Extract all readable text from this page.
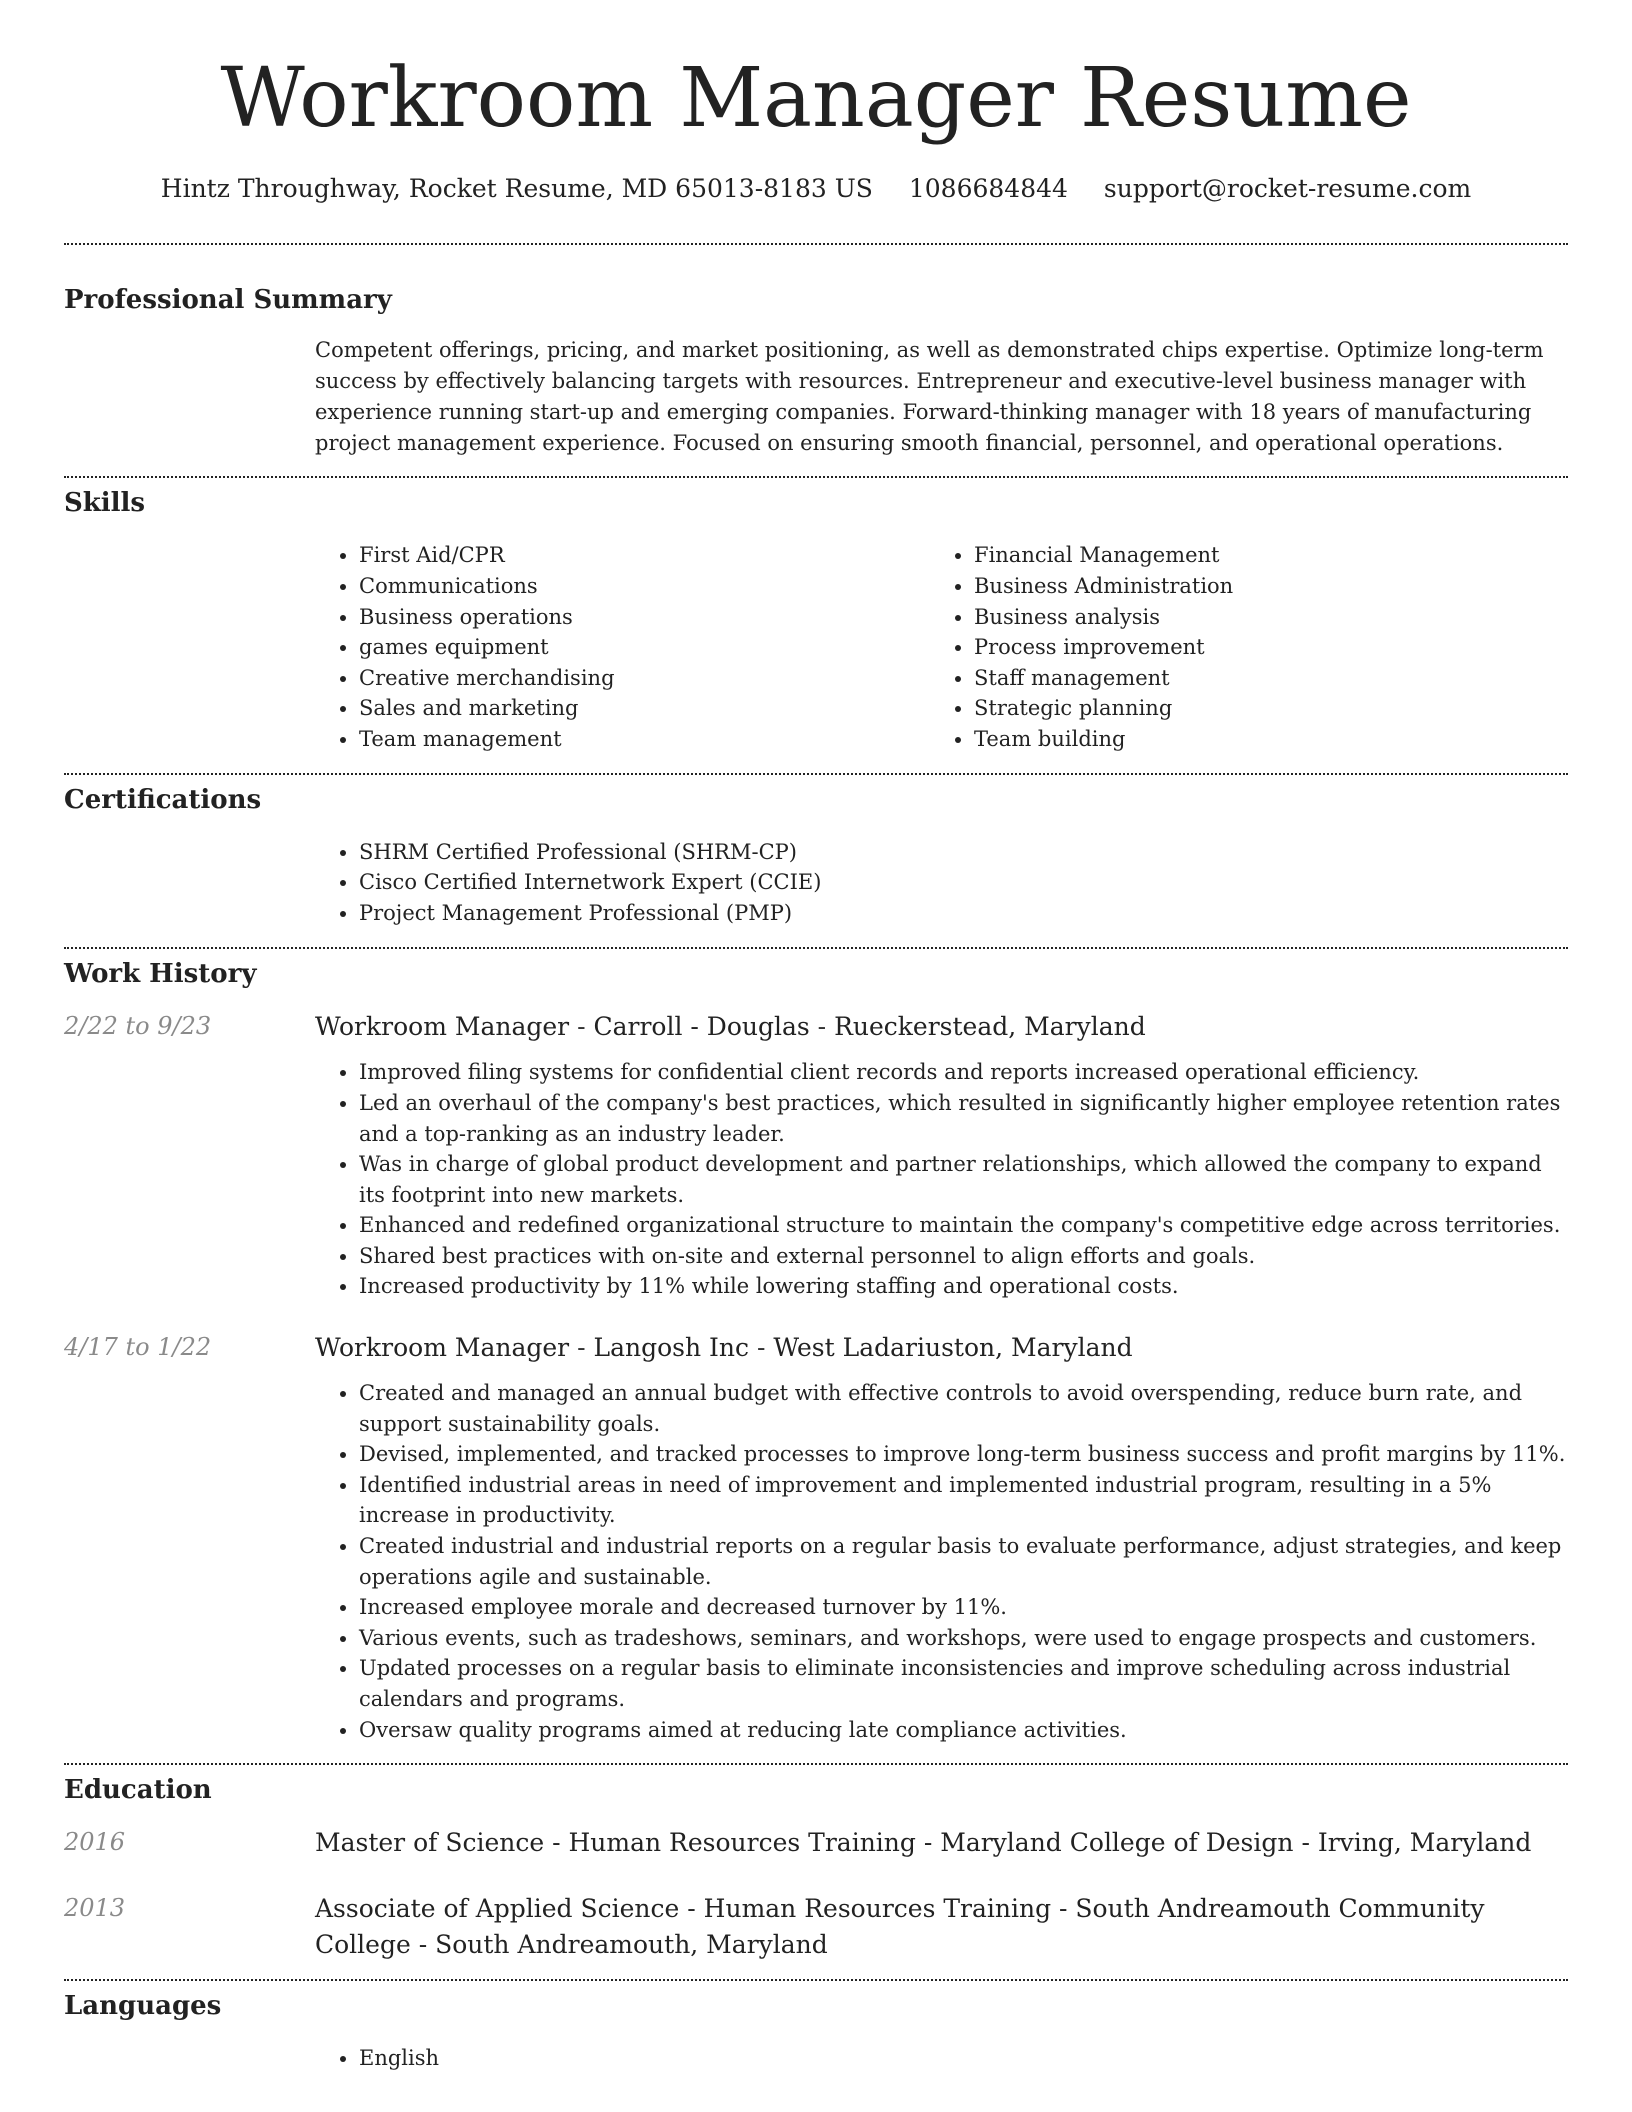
Workroom Manager Resume
Hintz Throughway, Rocket Resume, MD 65013-8183 US 1086684844 support@rocket-resume.com
Professional Summary

Competent offerings, pricing, and market positioning, as well as demonstrated chips expertise. Optimize long-term success by effectively balancing targets with resources. Entrepreneur and executive-level business manager with experience running start-up and emerging companies. Forward-thinking manager with 18 years of manufacturing project management experience. Focused on ensuring smooth financial, personnel, and operational operations.

Skills
• First Aid/CPR
• Communications
• Business operations
• games equipment
• Creative merchandising
• Sales and marketing
• Team management
• Financial Management
• Business Administration
• Business analysis
• Process improvement
• Staff management
• Strategic planning
• Team building
Certifications
• SHRM Certified Professional (SHRM-CP)
• Cisco Certified Internetwork Expert (CCIE)
• Project Management Professional (PMP)
Work History
2/22 to 9/23	Workroom Manager - Carroll - Douglas - Rueckerstead, Maryland
• Improved filing systems for confidential client records and reports increased operational efficiency.
• Led an overhaul of the company's best practices, which resulted in significantly higher employee retention rates and a top-ranking as an industry leader.
• Was in charge of global product development and partner relationships, which allowed the company to expand its footprint into new markets.
• Enhanced and redefined organizational structure to maintain the company's competitive edge across territories.
• Shared best practices with on-site and external personnel to align efforts and goals.
• Increased productivity by 11% while lowering staffing and operational costs.
4/17 to 1/22	Workroom Manager - Langosh Inc - West Ladariuston, Maryland
• Created and managed an annual budget with effective controls to avoid overspending, reduce burn rate, and support sustainability goals.
• Devised, implemented, and tracked processes to improve long-term business success and profit margins by 11%.
• Identified industrial areas in need of improvement and implemented industrial program, resulting in a 5% increase in productivity.
• Created industrial and industrial reports on a regular basis to evaluate performance, adjust strategies, and keep operations agile and sustainable.
• Increased employee morale and decreased turnover by 11%.
• Various events, such as tradeshows, seminars, and workshops, were used to engage prospects and customers.
• Updated processes on a regular basis to eliminate inconsistencies and improve scheduling across industrial calendars and programs.
• Oversaw quality programs aimed at reducing late compliance activities.
Education
2016	Master of Science - Human Resources Training - Maryland College of Design - Irving, Maryland
2013	Associate of Applied Science - Human Resources Training - South Andreamouth Community College - South Andreamouth, Maryland
Languages
• English
